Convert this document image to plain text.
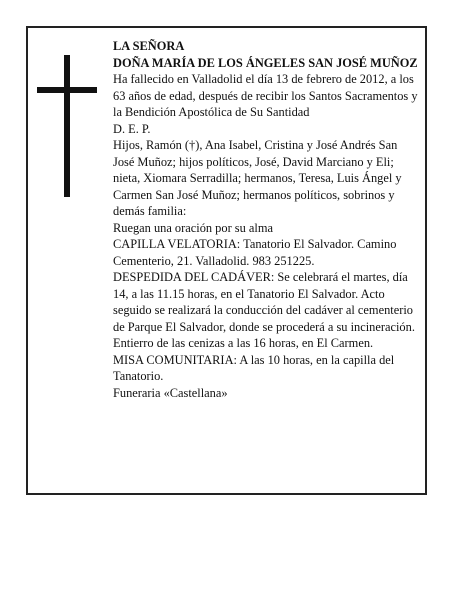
LA SEÑORA

DOÑA MARÍA DE LOS ÁNGELES SAN JOSÉ MUÑOZ

Ha fallecido en Valladolid el día 13 de febrero de 2012, a los 63 años de edad, después de recibir los Santos Sacramentos y la Bendición Apostólica de Su Santidad

D. E. P.

Hijos, Ramón (†), Ana Isabel, Cristina y José Andrés San José Muñoz; hijos políticos, José, David Marciano y Eli; nieta, Xiomara Serradilla; hermanos, Teresa, Luis Ángel y Carmen San José Muñoz; hermanos políticos, sobrinos y demás familia:

Ruegan una oración por su alma

CAPILLA VELATORIA: Tanatorio El Salvador. Camino Cementerio, 21. Valladolid. 983 251225.

DESPEDIDA DEL CADÁVER: Se celebrará el martes, día 14, a las 11.15 horas, en el Tanatorio El Salvador. Acto seguido se realizará la conducción del cadáver al cementerio de Parque El Salvador, donde se procederá a su incineración. Entierro de las cenizas a las 16 horas, en El Carmen.

MISA COMUNITARIA: A las 10 horas, en la capilla del Tanatorio.

Funeraria «Castellana»
